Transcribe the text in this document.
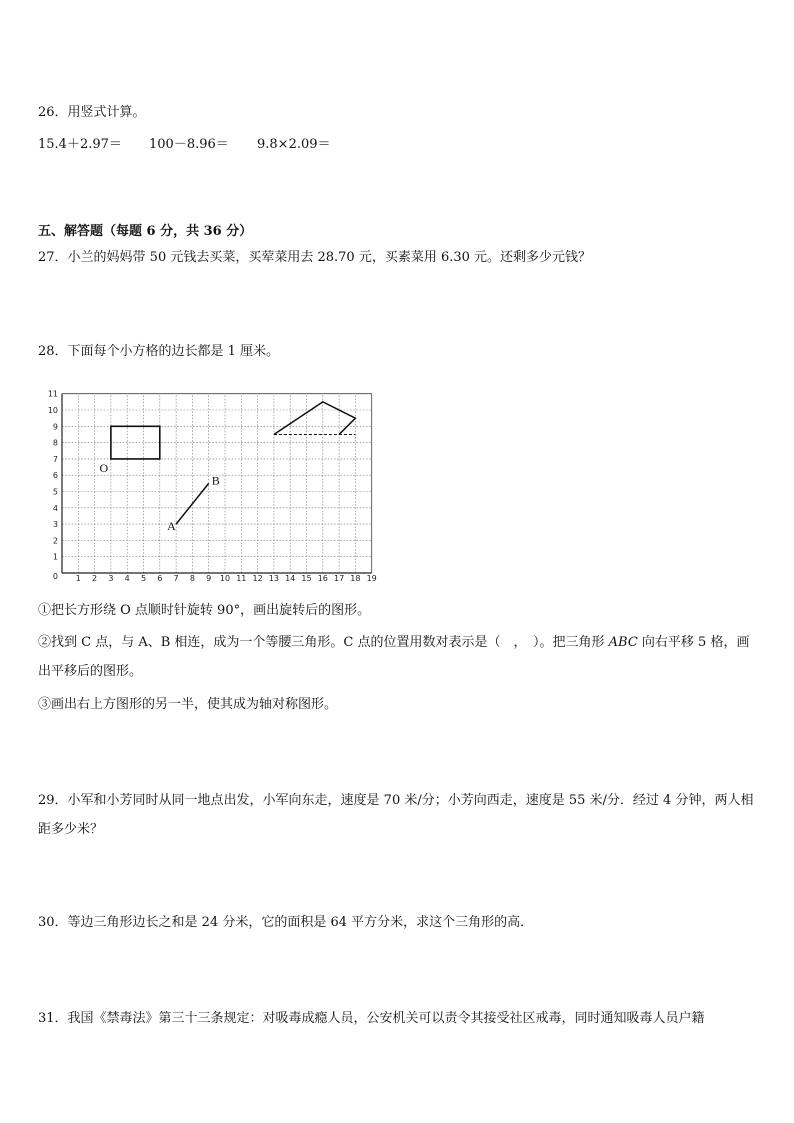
26．用竖式计算。
15.4＋2.97＝ 100－8.96＝ 9.8×2.09＝
五、解答题（每题 6 分，共 36 分）
27．小兰的妈妈带 50 元钱去买菜，买荤菜用去 28.70 元，买素菜用 6.30 元。还剩多少元钱？
28．下面每个小方格的边长都是 1 厘米。
O
A
B
1 2 3 4 5 6 7 8 9 10 11 12 13 14 15 16 17 18 19
1
2
3
4
5
6
7
8
9
10
11
0
①把长方形绕 O 点顺时针旋转 90°，画出旋转后的图形。
②找到 C 点，与 A、B 相连，成为一个等腰三角形。C 点的位置用数对表示是（　，　）。把三角形 ABC 向右平移 5 格，画出平移后的图形。
③画出右上方图形的另一半，使其成为轴对称图形。
29．小军和小芳同时从同一地点出发，小军向东走，速度是 70 米/分；小芳向西走，速度是 55 米/分．经过 4 分钟，两人相距多少米？
30．等边三角形边长之和是 24 分米，它的面积是 64 平方分米，求这个三角形的高．
31．我国《禁毒法》第三十三条规定：对吸毒成瘾人员，公安机关可以责令其接受社区戒毒，同时通知吸毒人员户籍
